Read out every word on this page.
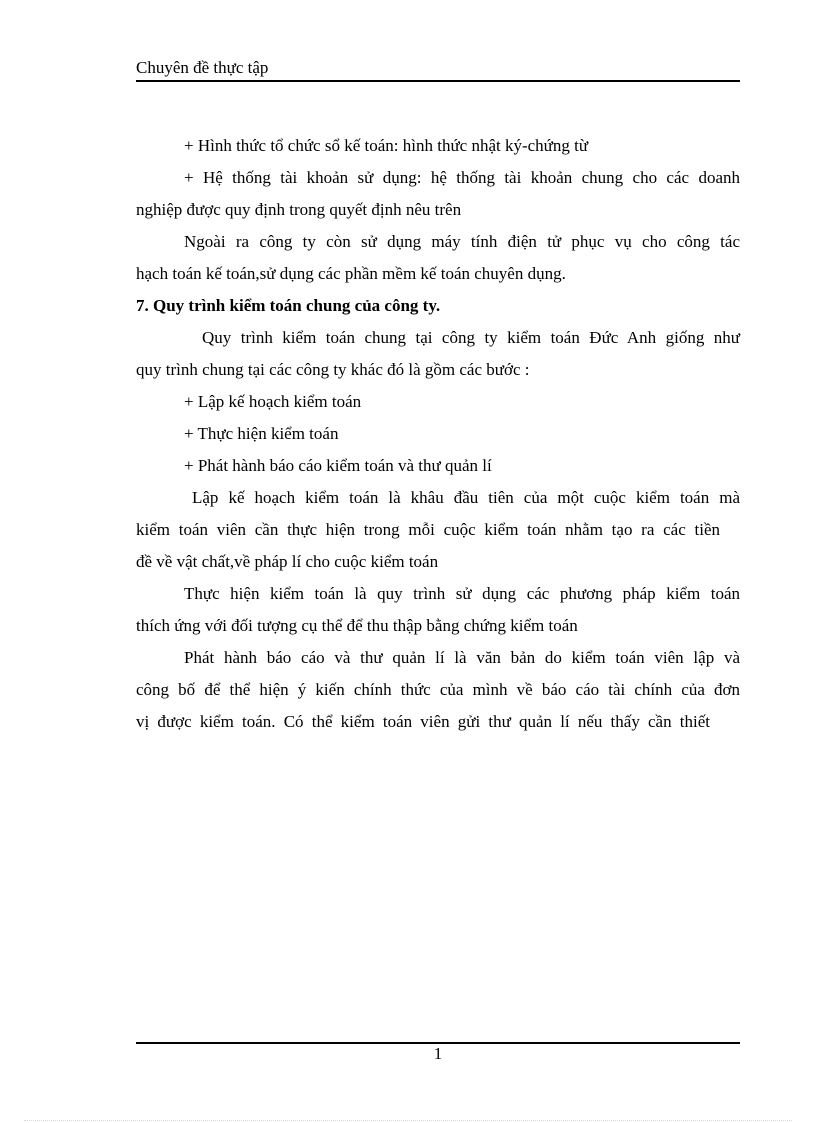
Chuyên đề thực tập
+ Hình thức tổ chức sổ kế toán: hình thức nhật ký-chứng từ
+ Hệ thống tài khoản sử dụng: hệ thống tài khoản chung cho các doanh
nghiệp được quy định trong quyết định nêu trên
Ngoài ra công ty còn sử dụng máy tính điện tử phục vụ cho công tác
hạch toán kế toán,sử dụng các phần mềm kế toán chuyên dụng.
7. Quy trình kiểm toán chung của công ty.
Quy trình kiểm toán chung tại công ty kiểm toán Đức Anh giống như
quy trình chung tại các công ty khác đó là gồm các bước :
+ Lập kế hoạch kiểm toán
+ Thực hiện kiểm toán
+ Phát hành báo cáo kiểm toán và thư quản lí
Lập kế hoạch kiểm toán là khâu đầu tiên của một cuộc kiểm toán mà
kiểm toán viên cần thực hiện trong mỗi cuộc kiểm toán nhằm tạo ra các tiền
đề về vật chất,về pháp lí cho cuộc kiểm toán
Thực hiện kiểm toán là quy trình sử dụng các phương pháp kiểm toán
thích ứng với đối tượng cụ thể để thu thập bằng chứng kiểm toán
Phát hành báo cáo và thư quản lí là văn bản do kiểm toán viên lập và
công bố để thể hiện ý kiến chính thức của mình về báo cáo tài chính của đơn
vị được kiểm toán. Có thể kiểm toán viên gửi thư quản lí nếu thấy cần thiết
1
